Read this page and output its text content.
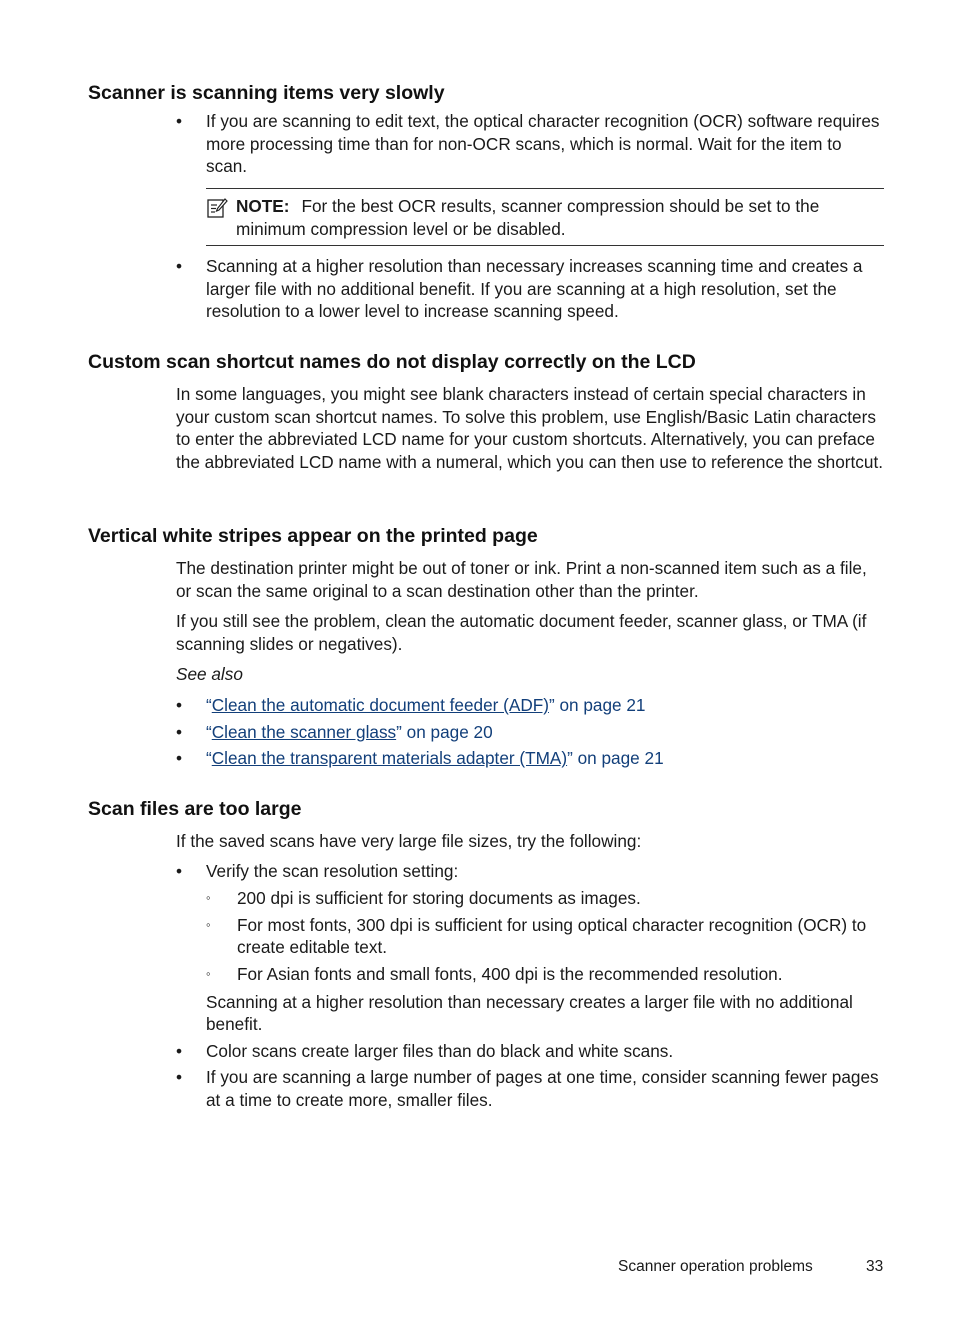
Scanner is scanning items very slowly
• If you are scanning to edit text, the optical character recognition (OCR) software requires more processing time than for non-OCR scans, which is normal. Wait for the item to scan.
NOTE: For the best OCR results, scanner compression should be set to the minimum compression level or be disabled.
• Scanning at a higher resolution than necessary increases scanning time and creates a larger file with no additional benefit. If you are scanning at a high resolution, set the resolution to a lower level to increase scanning speed.
Custom scan shortcut names do not display correctly on the LCD

In some languages, you might see blank characters instead of certain special characters in your custom scan shortcut names. To solve this problem, use English/Basic Latin characters to enter the abbreviated LCD name for your custom shortcuts. Alternatively, you can preface the abbreviated LCD name with a numeral, which you can then use to reference the shortcut.

Vertical white stripes appear on the printed page

The destination printer might be out of toner or ink. Print a non-scanned item such as a file, or scan the same original to a scan destination other than the printer.

If you still see the problem, clean the automatic document feeder, scanner glass, or TMA (if scanning slides or negatives).

See also

• “Clean the automatic document feeder (ADF)” on page 21
• “Clean the scanner glass” on page 20
• “Clean the transparent materials adapter (TMA)” on page 21
Scan files are too large

If the saved scans have very large file sizes, try the following:

• Verify the scan resolution setting:
◦ 200 dpi is sufficient for storing documents as images.
◦ For most fonts, 300 dpi is sufficient for using optical character recognition (OCR) to create editable text.
◦ For Asian fonts and small fonts, 400 dpi is the recommended resolution.

Scanning at a higher resolution than necessary creates a larger file with no additional benefit.

• Color scans create larger files than do black and white scans.
• If you are scanning a large number of pages at one time, consider scanning fewer pages at a time to create more, smaller files.
Scanner operation problems	33
